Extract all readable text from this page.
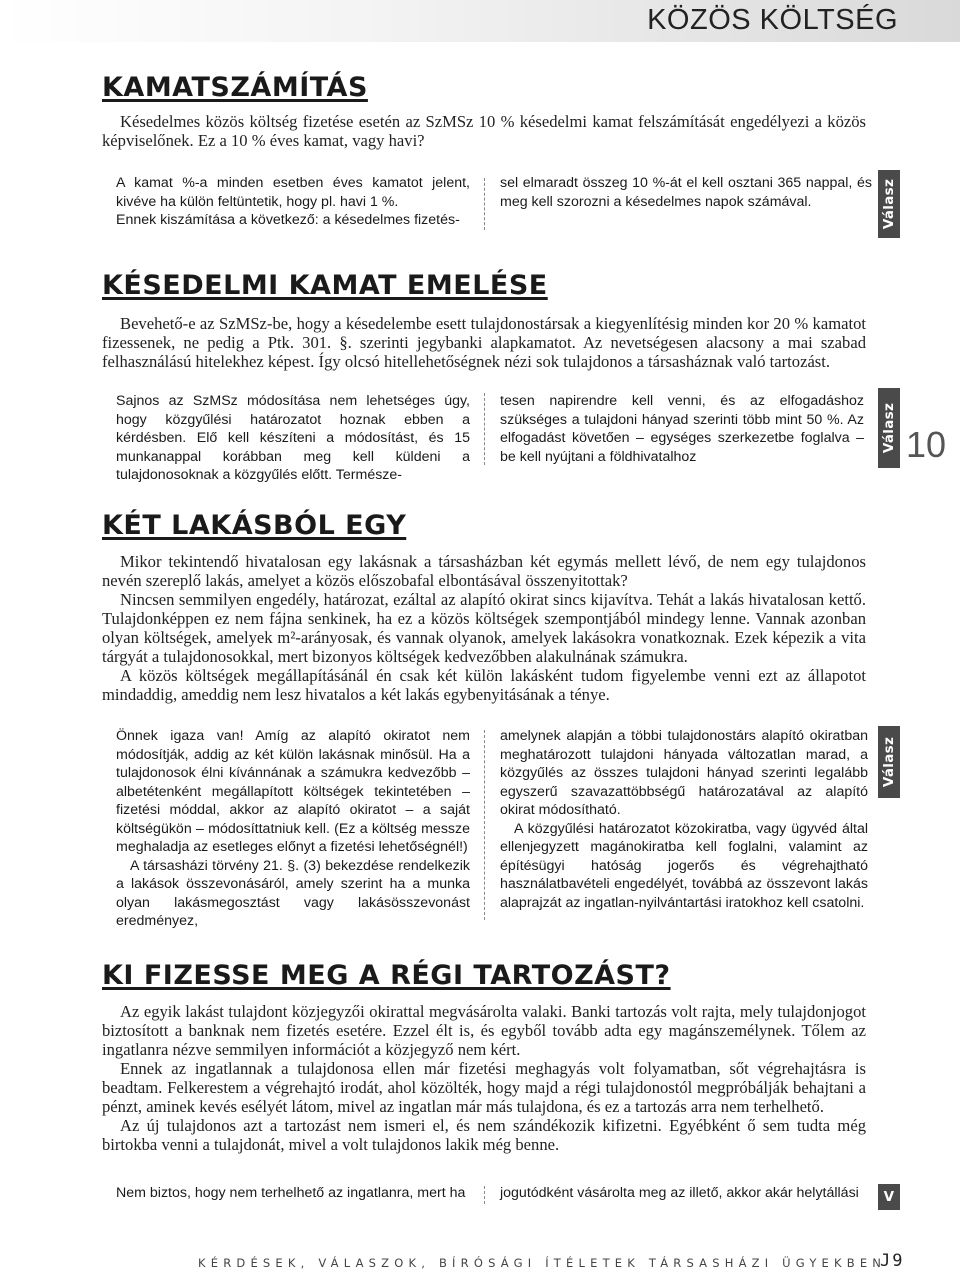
KÖZÖS KÖLTSÉG
KAMATSZÁMÍTÁS

Késedelmes közös költség fizetése esetén az SzMSz 10 % késedelmi kamat felszámítását engedélyezi a közös képviselőnek. Ez a 10 % éves kamat, vagy havi?

A kamat %-a minden esetben éves kamatot jelent, kivéve ha külön feltüntetik, hogy pl. havi 1 %.

Ennek kiszámítása a következő: a késedelmes fizetés-

sel elmaradt összeg 10 %-át el kell osztani 365 nappal, és meg kell szorozni a késedelmes napok számával.	Válasz
KÉSEDELMI KAMAT EMELÉSE

Bevehető-e az SzMSz-be, hogy a késedelembe esett tulajdonostársak a kiegyenlítésig minden kor 20 % kamatot fizessenek, ne pedig a Ptk. 301. §. szerinti jegybanki alapkamatot. Az nevetségesen alacsony a mai szabad felhasználású hitelekhez képest. Így olcsó hitellehetőségnek nézi sok tulajdonos a társasháznak való tartozást.

Sajnos az SzMSz módosítása nem lehetséges úgy, hogy közgyűlési határozatot hoznak ebben a kérdésben. Elő kell készíteni a módosítást, és 15 munkanappal korábban meg kell küldeni a tulajdonosoknak a közgyűlés előtt. Természe-

tesen napirendre kell venni, és az elfogadáshoz szükséges a tulajdoni hányad szerinti több mint 50 %. Az elfogadást követően – egységes szerkezetbe foglalva – be kell nyújtani a földhivatalhoz

Válasz 10
KÉT LAKÁSBÓL EGY

Mikor tekintendő hivatalosan egy lakásnak a társasházban két egymás mellett lévő, de nem egy tulajdonos nevén szereplő lakás, amelyet a közös előszobafal elbontásával összenyitottak?

Nincsen semmilyen engedély, határozat, ezáltal az alapító okirat sincs kijavítva. Tehát a lakás hivatalosan kettő. Tulajdonképpen ez nem fájna senkinek, ha ez a közös költségek szempontjából mindegy lenne. Vannak azonban olyan költségek, amelyek m²-arányosak, és vannak olyanok, amelyek lakásokra vonatkoznak. Ezek képezik a vita tárgyát a tulajdonosokkal, mert bizonyos költségek kedvezőbben alakulnának számukra.

A közös költségek megállapításánál én csak két külön lakásként tudom figyelembe venni ezt az állapotot mindaddig, ameddig nem lesz hivatalos a két lakás egybenyitásának a ténye.

Önnek igaza van! Amíg az alapító okiratot nem módosítják, addig az két külön lakásnak minősül. Ha a tulajdonosok élni kívánnának a számukra kedvezőbb – albetétenként megállapított költségek tekintetében – fizetési móddal, akkor az alapító okiratot – a saját költségükön – módosíttatniuk kell. (Ez a költség messze meghaladja az esetleges előnyt a fizetési lehetőségnél!)

A társasházi törvény 21. §. (3) bekezdése rendelkezik a lakások összevonásáról, amely szerint ha a munka olyan lakásmegosztást vagy lakásösszevonást eredményez,

amelynek alapján a többi tulajdonostárs alapító okiratban meghatározott tulajdoni hányada változatlan marad, a közgyűlés az összes tulajdoni hányad szerinti legalább egyszerű szavazattöbbségű határozatával az alapító okirat módosítható.

A közgyűlési határozatot közokiratba, vagy ügyvéd által ellenjegyzett magánokiratba kell foglalni, valamint az építésügyi hatóság jogerős és végrehajtható használatbavételi engedélyét, továbbá az összevont lakás alaprajzát az ingatlan-nyilvántartási iratokhoz kell csatolni.

Válasz
KI FIZESSE MEG A RÉGI TARTOZÁST?

Az egyik lakást tulajdont közjegyzői okirattal megvásárolta valaki. Banki tartozás volt rajta, mely tulajdonjogot biztosított a banknak nem fizetés esetére. Ezzel élt is, és egyből tovább adta egy magánszemélynek. Tőlem az ingatlanra nézve semmilyen információt a közjegyző nem kért.

Ennek az ingatlannak a tulajdonosa ellen már fizetési meghagyás volt folyamatban, sőt végrehajtásra is beadtam. Felkerestem a végrehajtó irodát, ahol közölték, hogy majd a régi tulajdonostól megpróbálják behajtani a pénzt, aminek kevés esélyét látom, mivel az ingatlan már más tulajdona, és ez a tartozás arra nem terhelhető.

Az új tulajdonos azt a tartozást nem ismeri el, és nem szándékozik kifizetni. Egyébként ő sem tudta még birtokba venni a tulajdonát, mivel a volt tulajdonos lakik még benne.

Nem biztos, hogy nem terhelhető az ingatlanra, mert ha	jogutódként vásárolta meg az illető, akkor akár helytállási	V
KÉRDÉSEK, VÁLASZOK, BÍRÓSÁGI ÍTÉLETEK TÁRSASHÁZI ÜGYEKBEN
J9
